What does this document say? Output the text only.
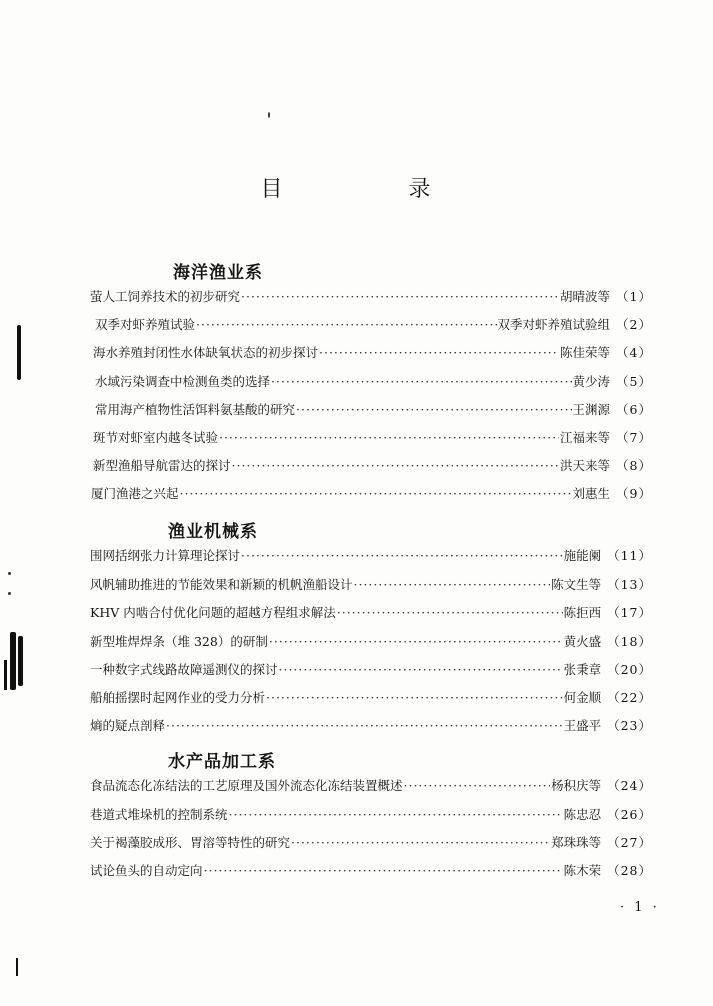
目　录
海洋渔业系
萤人工饲养技术的初步研究 ·····	胡晴波等 （1）
双季对虾养殖试验 ·····	双季对虾养殖试验组 （2）
海水养殖封闭性水体缺氧状态的初步探讨 ·····	陈佳荣等 （4）
水域污染调查中检测鱼类的选择 ·····	黄少涛 （5）
常用海产植物性活饵料氨基酸的研究 ·····	王渊源 （6）
斑节对虾室内越冬试验 ·····	江福来等 （7）
新型渔船导航雷达的探讨 ·····	洪天来等 （8）
厦门渔港之兴起 ·····	刘惠生 （9）
渔业机械系
围网括纲张力计算理论探讨 ·····	施能阑 （11）
风帆辅助推进的节能效果和新颖的机帆渔船设计 ·····	陈文生等 （13）
KHV 内啮合付优化问题的超越方程组求解法 ·····	陈拒西 （17）
新型堆焊焊条（堆 328）的研制 ·····	黄火盛 （18）
一种数字式线路故障遥测仪的探讨 ·····	张秉章 （20）
船舶摇摆时起网作业的受力分析 ·····	何金顺 （22）
熵的疑点剖释 ·····	王盛平 （23）
水产品加工系
食品流态化冻结法的工艺原理及国外流态化冻结装置概述 ·····	杨积庆等 （24）
巷道式堆垛机的控制系统 ·····	陈忠忍 （26）
关于褐藻胶成形、胃溶等特性的研究 ·····	郑珠珠等 （27）
试论鱼头的自动定向 ·····	陈木荣 （28）
· 1 ·
